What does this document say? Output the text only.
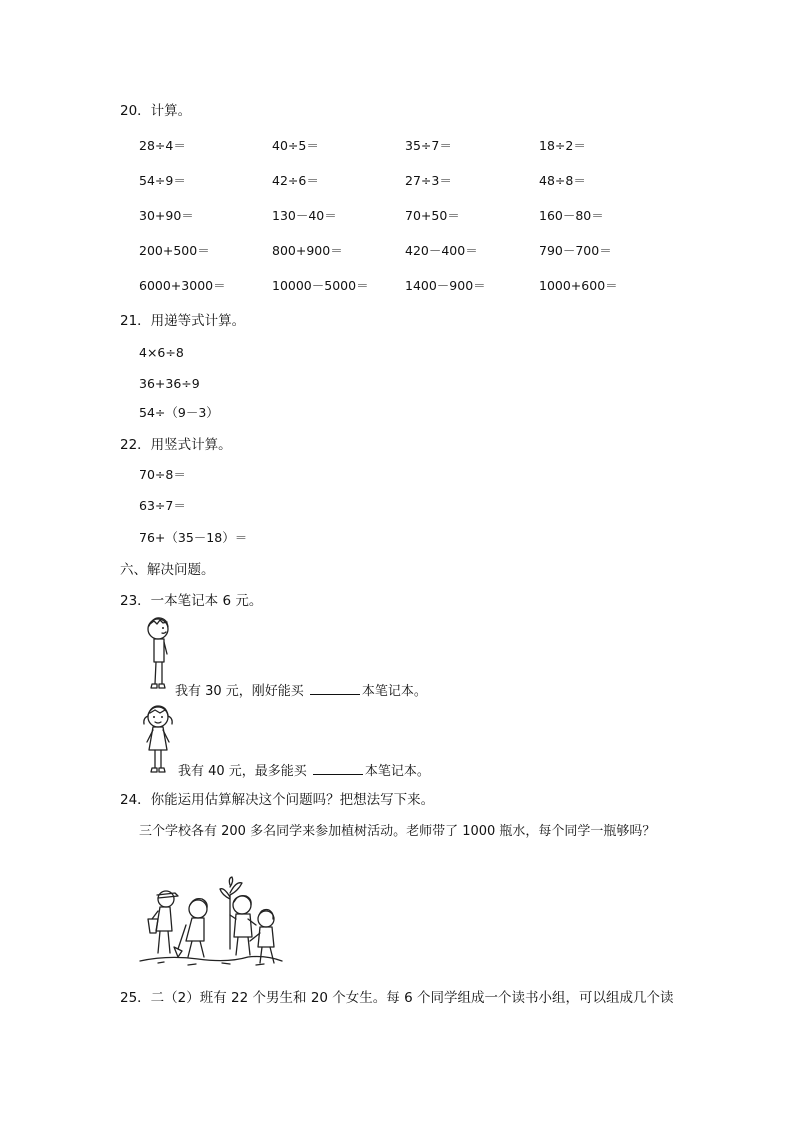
20．计算。
28÷4＝	40÷5＝	35÷7＝	18÷2＝
54÷9＝	42÷6＝	27÷3＝	48÷8＝
30+90＝	130－40＝	70+50＝	160－80＝
200+500＝	800+900＝	420－400＝	790－700＝
6000+3000＝	10000－5000＝	1400－900＝	1000+600＝
21．用递等式计算。
4×6÷8
36+36÷9
54÷（9－3）
22．用竖式计算。
70÷8＝
63÷7＝
76+（35－18）＝
六、解决问题。
23．一本笔记本 6 元。
我有 30 元，刚好能买	本笔记本。
我有 40 元，最多能买	本笔记本。
24．你能运用估算解决这个问题吗？把想法写下来。
三个学校各有 200 多名同学来参加植树活动。老师带了 1000 瓶水，每个同学一瓶够吗？
25．二（2）班有 22 个男生和 20 个女生。每 6 个同学组成一个读书小组，可以组成几个读
